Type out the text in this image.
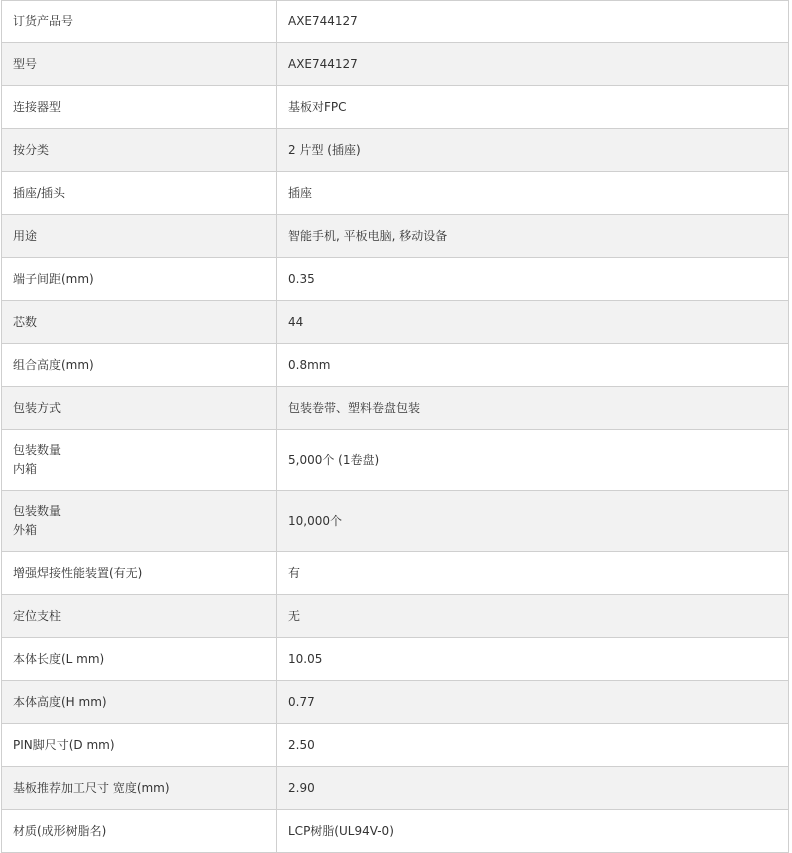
订货产品号	AXE744127

型号	AXE744127

连接器型	基板对FPC

按分类	2 片型 (插座)

插座/插头	插座

用途	智能手机, 平板电脑, 移动设备

端子间距(mm)	0.35

芯数	44

组合高度(mm)	0.8mm

包装方式	包装卷带、塑料卷盘包装

包装数量
内箱	5,000个 (1卷盘)

包装数量
外箱	10,000个

增强焊接性能装置(有无)	有

定位支柱	无

本体长度(L mm)	10.05

本体高度(H mm)	0.77

PIN脚尺寸(D mm)	2.50

基板推荐加工尺寸 宽度(mm)	2.90

材质(成形树脂名)	LCP树脂(UL94V-0)
